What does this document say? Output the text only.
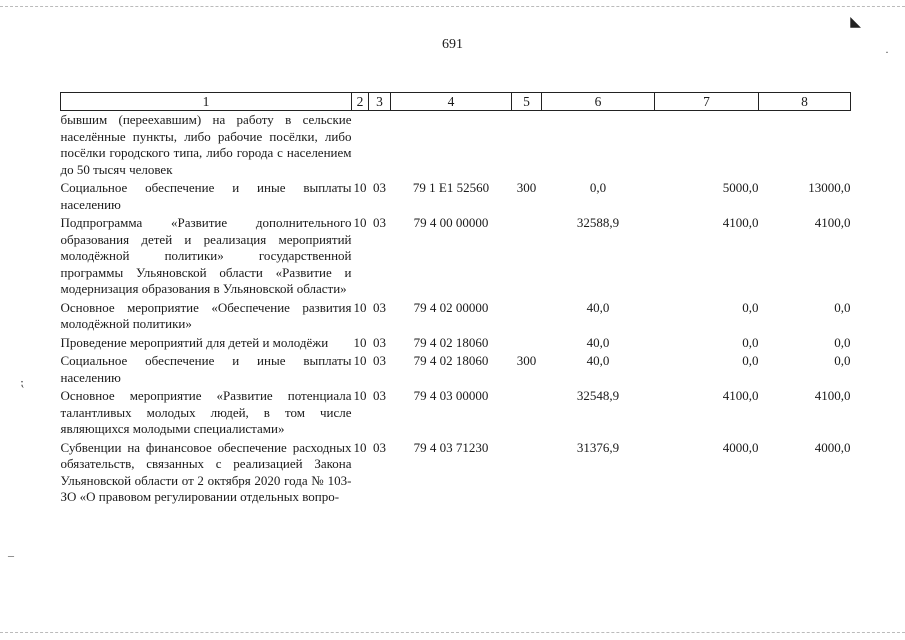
691
◣
⁏
–
·
1	2	3	4	5	6	7	8
бывшим (переехавшим) на работу в сельские населённые пункты, либо рабочие посёлки, либо посёлки городского типа, либо города с населением до 50 тысяч человек							
Социальное обеспечение и иные выплаты населению	10	03	79 1 E1 52560	300	0,0	5000,0	13000,0
Подпрограмма «Развитие дополнительного образования детей и реализация мероприятий молодёжной политики» государственной программы Ульяновской области «Развитие и модернизация образования в Ульяновской области»	10	03	79 4 00 00000		32588,9	4100,0	4100,0
Основное мероприятие «Обеспечение развития молодёжной политики»	10	03	79 4 02 00000		40,0	0,0	0,0
Проведение мероприятий для детей и молодёжи	10	03	79 4 02 18060		40,0	0,0	0,0
Социальное обеспечение и иные выплаты населению	10	03	79 4 02 18060	300	40,0	0,0	0,0
Основное мероприятие «Развитие потенциала талантливых молодых людей, в том числе являющихся молодыми специалистами»	10	03	79 4 03 00000		32548,9	4100,0	4100,0
Субвенции на финансовое обеспечение расходных обязательств, связанных с реализацией Закона Ульяновской области от 2 октября 2020 года № 103-ЗО «О правовом регулировании отдельных вопро-	10	03	79 4 03 71230		31376,9	4000,0	4000,0
